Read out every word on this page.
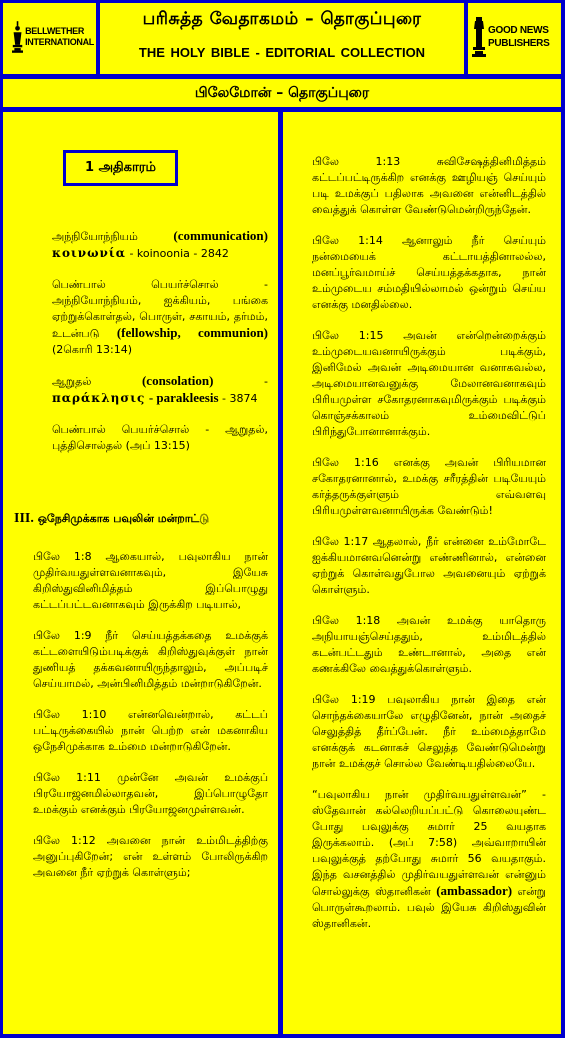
BELLWETHER
INTERNATIONAL
பரிசுத்த வேதாகமம் – தொகுப்புரை
THE HOLY BIBLE - EDITORIAL COLLECTION
GOOD NEWS
PUBLISHERS
பிலேமோன் – தொகுப்புரை
1 அதிகாரம்

அந்நியோந்நியம்	(communication) κοινωνία - koinoonia - 2842

பெண்பால் பெயர்ச்சொல் - அந்நியோந்நியம், ஐக்கியம், பங்கை ஏற்றுக்கொள்தல், பொருள், சகாயம், தர்மம், உடன்படு (fellowship, communion) (2கொரி 13:14)

ஆறுதல்	(consolation)	- παράκλησις - parakleesis - 3874

பெண்பால் பெயர்ச்சொல் - ஆறுதல், புத்திசொல்தல் (அப் 13:15)

III. ஒநேசிமுக்காக பவுலின் மன்றாட்டு

பிலே 1:8 ஆகையால், பவுலாகிய நான் முதிர்வயதுள்ளவனாகவும், இயேசு கிறிஸ்துவினிமித்தம் இப்பொழுது கட்டப்பட்டவனாகவும் இருக்கிற படியால்,

பிலே 1:9 நீர் செய்யத்தக்கதை உமக்குக் கட்டளையிடும்படிக்குக் கிறிஸ்துவுக்குள் நான் துணியத் தக்கவனாயிருந்தாலும், அப்படிச் செய்யாமல், அன்பினிமித்தம் மன்றாடுகிறேன்.

பிலே 1:10 என்னவென்றால், கட்டப் பட்டிருக்கையில் நான் பெற்ற என் மகனாகிய ஒநேசிமுக்காக உம்மை மன்றாடுகிறேன்.

பிலே 1:11 முன்னே அவன் உமக்குப் பிரயோஜனமில்லாதவன், இப்பொழுதோ உமக்கும் எனக்கும் பிரயோஜனமுள்ளவன்.

பிலே 1:12 அவனை நான் உம்மிடத்திற்கு அனுப்புகிறேன்; என் உள்ளம் போலிருக்கிற அவனை நீர் ஏற்றுக் கொள்ளும்;

பிலே 1:13 சுவிசேஷத்தினிமித்தம் கட்டப்பட்டிருக்கிற எனக்கு ஊழியஞ் செய்யும் படி உமக்குப் பதிலாக அவனை என்னிடத்தில் வைத்துக் கொள்ள வேண்டுமென்றிருந்தேன்.

பிலே 1:14 ஆனாலும் நீர் செய்யும் நன்மையைக் கட்டாயத்தினாலல்ல, மனப்பூர்வமாய்ச் செய்யத்தக்கதாக, நான் உம்முடைய சம்மதியில்லாமல் ஒன்றும் செய்ய எனக்கு மனதில்லை.

பிலே 1:15 அவன் என்றென்றைக்கும் உம்முடையவனாயிருக்கும் படிக்கும், இனிமேல் அவன் அடிமையான வனாகவல்ல, அடிமையானவனுக்கு மேலானவனாகவும் பிரியமுள்ள சகோதரனாகவுமிருக்கும் படிக்கும் கொஞ்சக்காலம் உம்மைவிட்டுப் பிரிந்துபோனானாக்கும்.

பிலே 1:16 எனக்கு அவன் பிரியமான சகோதரனானால், உமக்கு சரீரத்தின் படியேயும் கர்த்தருக்குள்ளும் எவ்வளவு பிரியமுள்ளவனாயிருக்க வேண்டும்!

பிலே 1:17 ஆதலால், நீர் என்னை உம்மோடே ஐக்கியமானவனென்று எண்ணினால், என்னை ஏற்றுக் கொள்வதுபோல அவனையும் ஏற்றுக் கொள்ளும்.

பிலே 1:18 அவன் உமக்கு யாதொரு அநியாயஞ்செய்ததும், உம்மிடத்தில் கடன்பட்டதும் உண்டானால், அதை என் கணக்கிலே வைத்துக்கொள்ளும்.

பிலே 1:19 பவுலாகிய நான் இதை என் சொந்தக்கையாலே எழுதினேன், நான் அதைச் செலுத்தித் தீர்ப்பேன். நீர் உம்மைத்தாமே எனக்குக் கடனாகச் செலுத்த வேண்டுமென்று நான் உமக்குச் சொல்ல வேண்டியதில்லையே.

“பவுலாகிய நான் முதிர்வயதுள்ளவன்” - ஸ்தேவான் கல்லெறியப்பட்டு கொலையுண்ட போது பவுலுக்கு சுமார் 25 வயதாக இருக்கலாம். (அப் 7:58) அவ்வாறாயின் பவுலுக்குத் தற்போது சுமார் 56 வயதாகும். இந்த வசனத்தில் முதிர்வயதுள்ளவன் என்னும் சொல்லுக்கு ஸ்தானிகன் (ambassador) என்று பொருள்கூறலாம். பவுல் இயேசு கிறிஸ்துவின் ஸ்தானிகன்.
